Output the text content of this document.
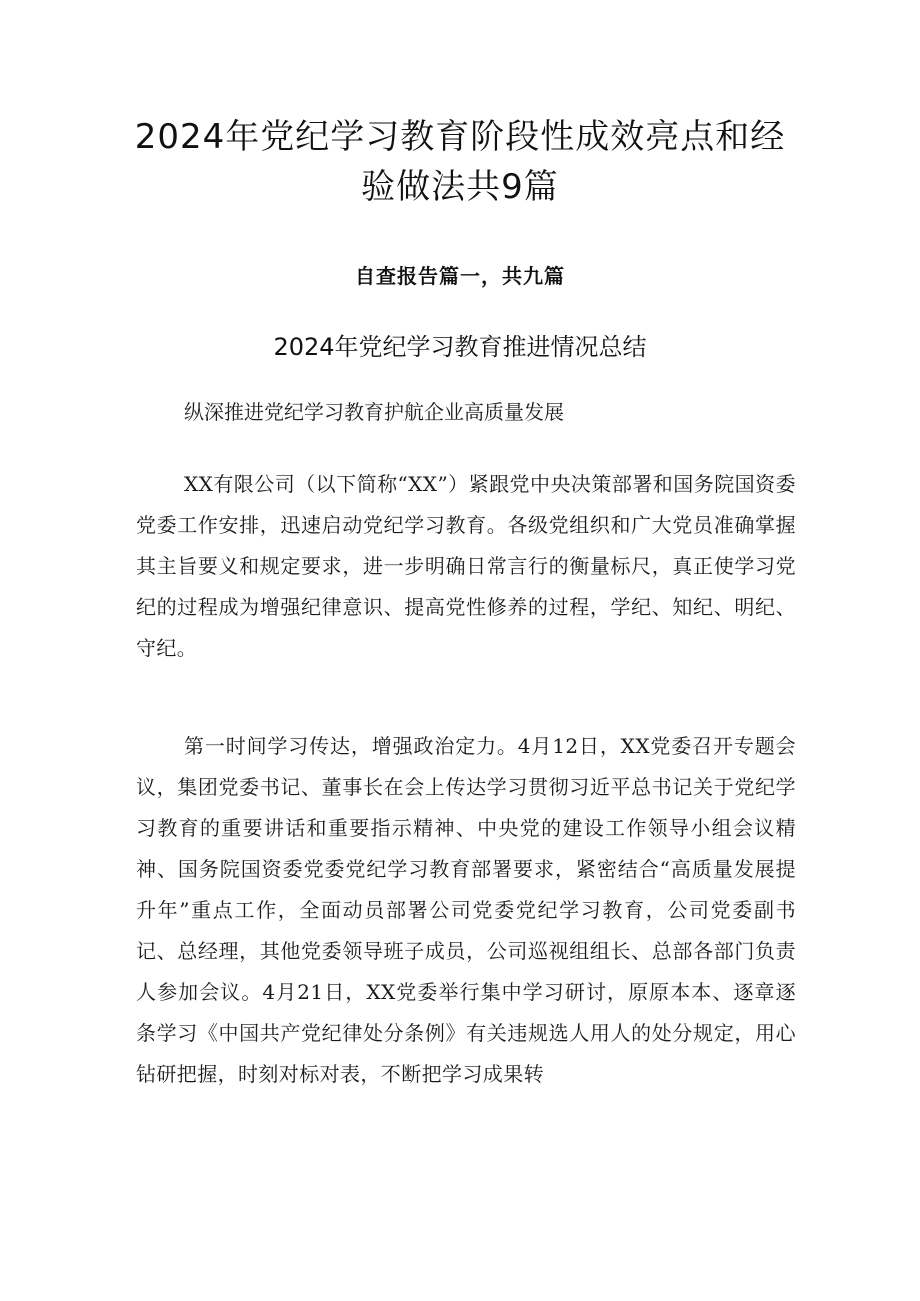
2024年党纪学习教育阶段性成效亮点和经验做法共9篇
自查报告篇一，共九篇
2024年党纪学习教育推进情况总结
纵深推进党纪学习教育护航企业高质量发展

XX有限公司（以下简称“XX”）紧跟党中央决策部署和国务院国资委党委工作安排，迅速启动党纪学习教育。各级党组织和广大党员准确掌握其主旨要义和规定要求，进一步明确日常言行的衡量标尺，真正使学习党纪的过程成为增强纪律意识、提高党性修养的过程，学纪、知纪、明纪、守纪。

第一时间学习传达，增强政治定力。4月12日，XX党委召开专题会议，集团党委书记、董事长在会上传达学习贯彻习近平总书记关于党纪学习教育的重要讲话和重要指示精神、中央党的建设工作领导小组会议精神、国务院国资委党委党纪学习教育部署要求，紧密结合“高质量发展提升年”重点工作，全面动员部署公司党委党纪学习教育，公司党委副书记、总经理，其他党委领导班子成员，公司巡视组组长、总部各部门负责人参加会议。4月21日，XX党委举行集中学习研讨，原原本本、逐章逐条学习《中国共产党纪律处分条例》有关违规选人用人的处分规定，用心钻研把握，时刻对标对表，不断把学习成果转
